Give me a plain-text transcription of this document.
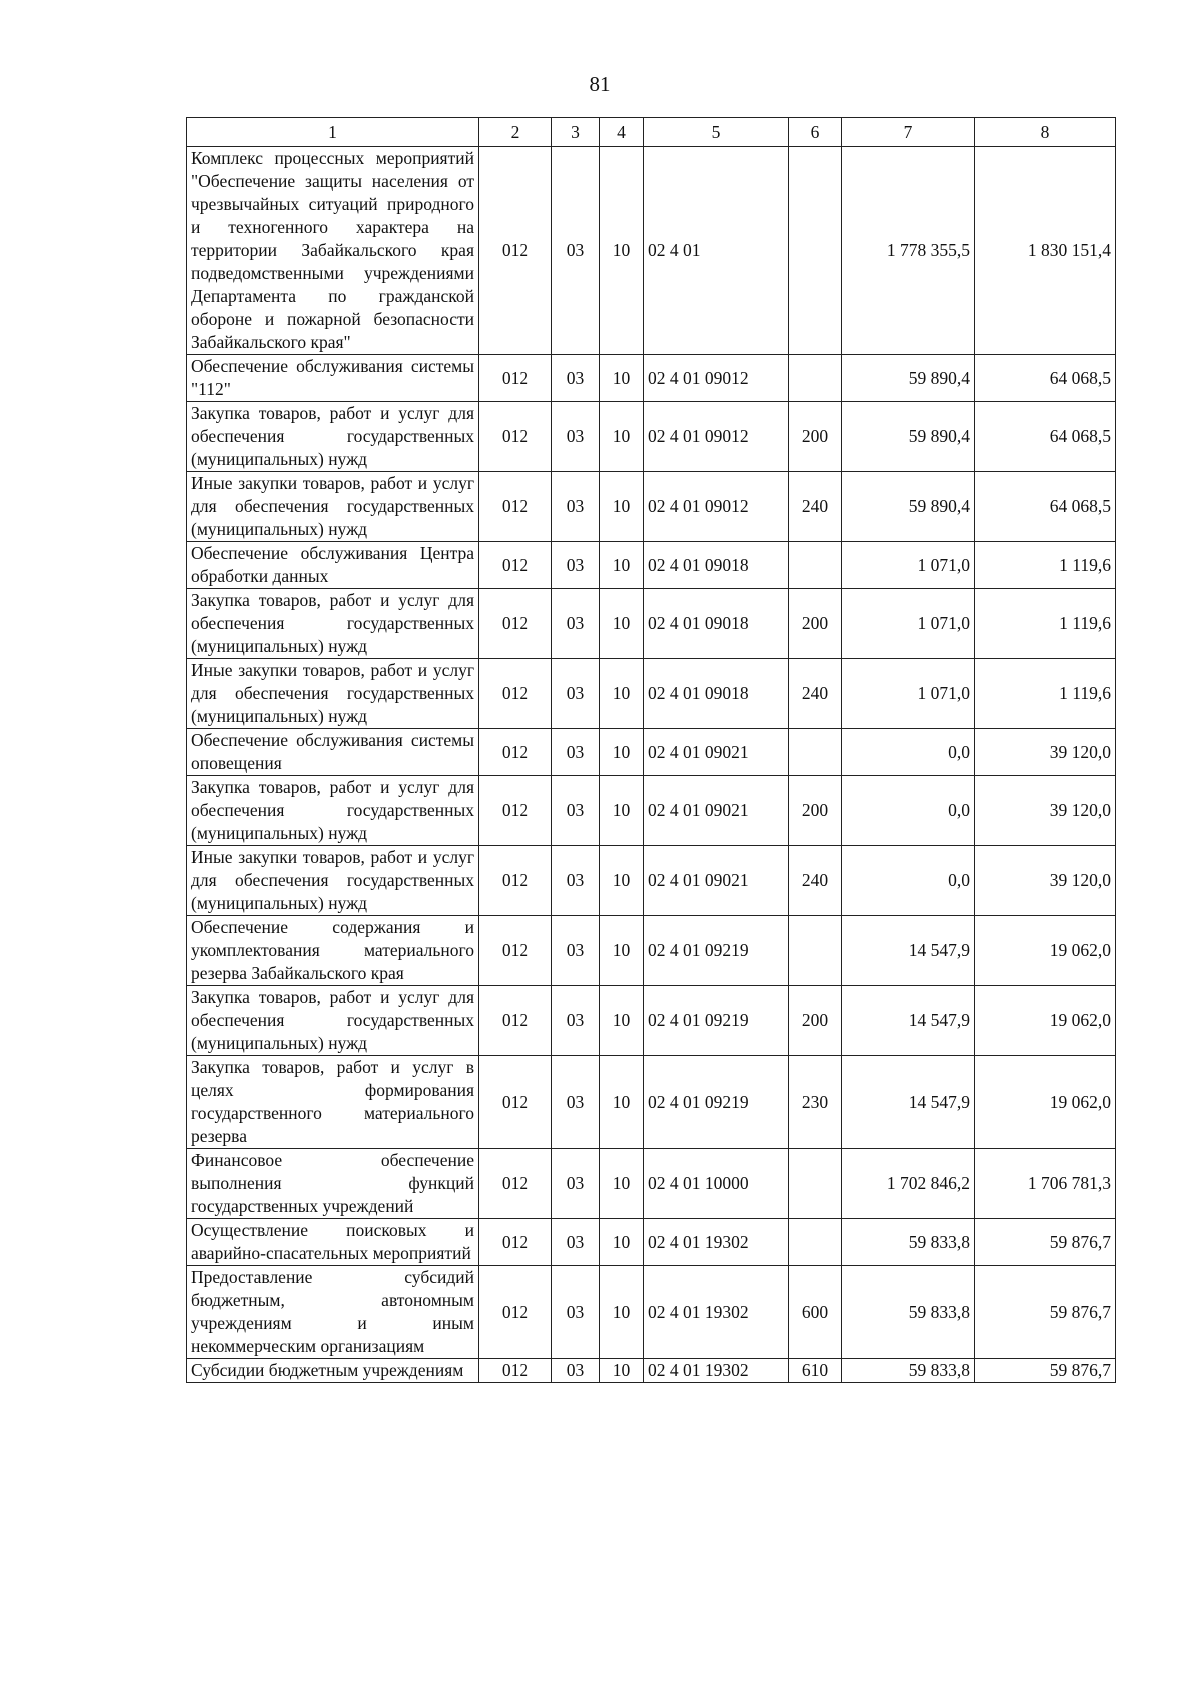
81
1	2	3	4	5	6	7	8
Комплекс процессных мероприятий "Обеспечение защиты населения от чрезвычайных ситуаций природного и техногенного характера на территории Забайкальского края подведомственными учреждениями Департамента по гражданской обороне и пожарной безопасности Забайкальского края"	012	03	10	02 4 01		1 778 355,5	1 830 151,4
Обеспечение обслуживания системы "112"	012	03	10	02 4 01 09012		59 890,4	64 068,5
Закупка товаров, работ и услуг для обеспечения государственных (муниципальных) нужд	012	03	10	02 4 01 09012	200	59 890,4	64 068,5
Иные закупки товаров, работ и услуг для обеспечения государственных (муниципальных) нужд	012	03	10	02 4 01 09012	240	59 890,4	64 068,5
Обеспечение обслуживания Центра обработки данных	012	03	10	02 4 01 09018		1 071,0	1 119,6
Закупка товаров, работ и услуг для обеспечения государственных (муниципальных) нужд	012	03	10	02 4 01 09018	200	1 071,0	1 119,6
Иные закупки товаров, работ и услуг для обеспечения государственных (муниципальных) нужд	012	03	10	02 4 01 09018	240	1 071,0	1 119,6
Обеспечение обслуживания системы оповещения	012	03	10	02 4 01 09021		0,0	39 120,0
Закупка товаров, работ и услуг для обеспечения государственных (муниципальных) нужд	012	03	10	02 4 01 09021	200	0,0	39 120,0
Иные закупки товаров, работ и услуг для обеспечения государственных (муниципальных) нужд	012	03	10	02 4 01 09021	240	0,0	39 120,0
Обеспечение содержания и укомплектования материального резерва Забайкальского края	012	03	10	02 4 01 09219		14 547,9	19 062,0
Закупка товаров, работ и услуг для обеспечения государственных (муниципальных) нужд	012	03	10	02 4 01 09219	200	14 547,9	19 062,0
Закупка товаров, работ и услуг в целях формирования государственного материального резерва	012	03	10	02 4 01 09219	230	14 547,9	19 062,0
Финансовое обеспечение выполнения функций государственных учреждений	012	03	10	02 4 01 10000		1 702 846,2	1 706 781,3
Осуществление поисковых и аварийно-спасательных мероприятий	012	03	10	02 4 01 19302		59 833,8	59 876,7
Предоставление субсидий бюджетным, автономным учреждениям и иным некоммерческим организациям	012	03	10	02 4 01 19302	600	59 833,8	59 876,7
Субсидии бюджетным учреждениям	012	03	10	02 4 01 19302	610	59 833,8	59 876,7
